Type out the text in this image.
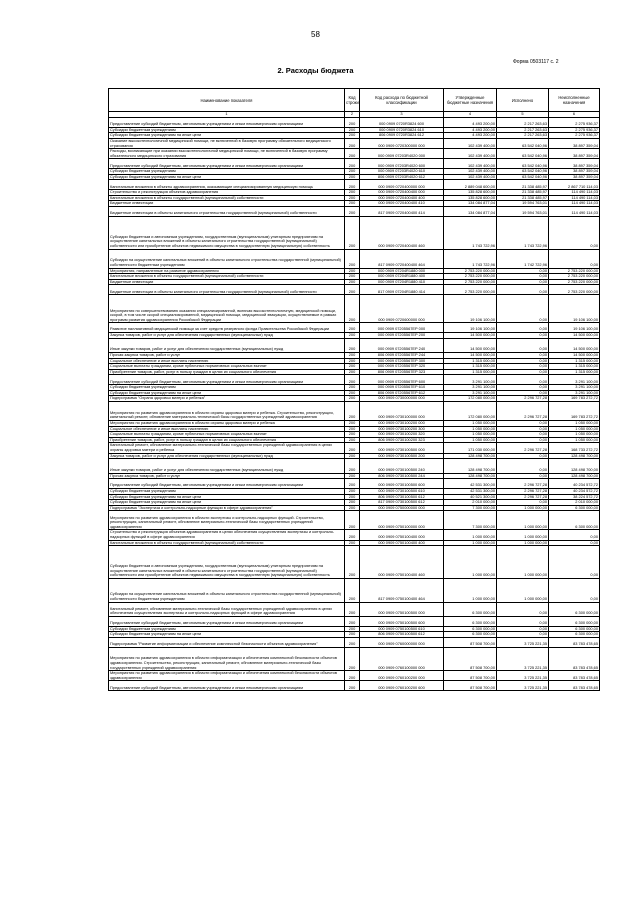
58
Форма 0503117 с. 2
2. Расходы бюджета
Наименование показателя	Код строки	Код расхода по бюджетной классификации	Утвержденные бюджетные назначения	Исполнено	Неисполненные назначения
1	2	3	4	5	6
Предоставление субсидий бюджетным, автономным учреждениям и иным некоммерческим организациям	200	000 0909 0720R3824 600	4 493 200,00	2 217 263,63	2 275 936,37
Субсидии бюджетным учреждениям	200	000 0909 0720R3824 610	4 493 200,00	2 217 263,63	2 275 936,37
Субсидии бюджетным учреждениям на иные цели	200	806 0909 0720R3824 612	4 493 200,00	2 217 263,63	2 275 936,37
Оказание высокотехнологичной медицинской помощи, не включенной в базовую программу обязательного медицинского страхования	200	000 0909 0720300000 000	102 439 400,00	63 542 040,96	38 897 359,04
Расходы, возникающие при оказании высокотехнологичной медицинской помощи, не включенной в базовую программу обязательного медицинского страхования	200	000 0909 07203R4020 000	102 439 400,00	63 542 040,96	38 897 359,04
Предоставление субсидий бюджетным, автономным учреждениям и иным некоммерческим организациям	200	000 0909 07203R4020 600	102 439 400,00	63 542 040,96	38 897 359,04
Субсидии бюджетным учреждениям	200	000 0909 07203R4020 610	102 439 400,00	63 542 040,96	38 897 359,04
Субсидии бюджетным учреждениям на иные цели	200	806 0909 07203R4020 612	102 439 400,00	63 542 040,96	38 897 359,04
Капитальные вложения в объекты здравоохранения, оказывающие специализированную медицинскую помощь	200	000 0909 0720400000 000	2 889 048 600,00	21 338 485,97	2 867 710 114,03
Строительство и реконструкция объектов здравоохранения	200	000 0909 0720400400 000	135 828 600,00	21 338 485,97	114 490 114,03
Капитальные вложения в объекты государственной (муниципальной) собственности	200	000 0909 0720400400 400	135 828 600,00	21 338 485,97	114 490 114,03
Бюджетные инвестиции	200	000 0909 0720400400 410	134 084 877,04	19 594 763,01	114 490 114,03
Бюджетные инвестиции в объекты капитального строительства государственной (муниципальной) собственности	200	817 0909 0720400400 414	134 084 877,04	19 594 763,01	114 490 114,03
Субсидии бюджетным и автономным учреждениям, государственным (муниципальным) унитарным предприятиям на осуществление капитальных вложений в объекты капитального строительства государственной (муниципальной) собственности или приобретение объектов недвижимого имущества в государственную (муниципальную) собственность	200	000 0909 0720400400 460	1 743 722,96	1 743 722,96	0,00
Субсидии на осуществление капитальных вложений в объекты капитального строительства государственной (муниципальной) собственности бюджетным учреждениям	200	817 0909 0720400400 464	1 743 722,96	1 742 722,96	0,00
Мероприятия, направленные на развитие здравоохранения	200	000 0909 07204R1880 000	2 753 220 000,00	0,00	2 753 220 000,00
Капитальные вложения в объекты государственной (муниципальной) собственности	200	000 0909 07204R1880 400	2 753 220 000,00	0,00	2 753 220 000,00
Бюджетные инвестиции	200	000 0909 07204R1880 410	2 753 220 000,00	0,00	2 753 220 000,00
Бюджетные инвестиции в объекты капитального строительства государственной (муниципальной) собственности	200	817 0909 07204R1880 414	2 753 220 000,00	0,00	2 753 220 000,00
Мероприятия по совершенствованию оказания специализированной, включая высокотехнологичную, медицинской помощи, скорой, в том числе скорой специализированной, медицинской помощи, медицинской эвакуации, осуществляемые в рамках программ развития здравоохранения Российской Федерации	200	000 0909 0720600000 000	19 106 100,00	0,00	19 106 100,00
Развитие паллиативной медицинской помощи за счет средств резервного фонда Правительства Российской Федерации	200	000 0909 07205567ЕР 000	19 106 100,00	0,00	19 106 100,00
Закупка товаров, работ и услуг для обеспечения государственных (муниципальных) нужд	200	000 0909 07205567ЕР 200	14 500 000,00	0,00	14 500 000,00
Иные закупки товаров, работ и услуг для обеспечения государственных (муниципальных) нужд	200	000 0909 07205567ЕР 240	14 500 000,00	0,00	14 500 000,00
Прочая закупка товаров, работ и услуг	200	806 0909 07205567ЕР 244	14 500 000,00	0,00	14 500 000,00
Социальное обеспечение и иные выплаты населению	200	000 0909 07205567ЕР 300	1 315 000,00	0,00	1 315 000,00
Социальные выплаты гражданам, кроме публичных нормативных социальных выплат	200	000 0909 07205567ЕР 320	1 315 000,00	0,00	1 315 000,00
Приобретение товаров, работ, услуг в пользу граждан в целях их социального обеспечения	200	806 0909 07205567ЕР 323	1 315 000,00	0,00	1 315 000,00
Предоставление субсидий бюджетным, автономным учреждениям и иным некоммерческим организациям	200	000 0909 07205567ЕР 600	3 291 100,00	0,00	3 291 100,00
Субсидии бюджетным учреждениям	200	000 0909 07205567ЕР 610	3 291 100,00	0,00	3 291 100,00
Субсидии бюджетным учреждениям на иные цели	200	806 0909 07205567ЕР 612	3 291 100,00	0,00	3 291 100,00
Подпрограмма "Охрана здоровья матери и ребенка"	200	000 0909 0730000000 000	172 080 000,00	2 296 727,28	169 783 272,72
Мероприятия по развитию здравоохранения в области охраны здоровья матери и ребенка. Строительство, реконструкция, капитальный ремонт, обновление материально-технической базы государственных учреждений здравоохранения	200	000 0909 0730100000 000	172 080 000,00	2 296 727,28	169 783 272,72
Мероприятия по развитию здравоохранения в области охраны здоровья матери и ребенка	200	000 0909 0730100200 000	1 050 000,00	0,00	1 050 000,00
Социальное обеспечение и иные выплаты населению	200	000 0909 0730100200 300	1 050 000,00	0,00	1 050 000,00
Социальные выплаты гражданам, кроме публичных нормативных социальных выплат	200	000 0909 0730100200 320	1 050 000,00	0,00	1 050 000,00
Приобретение товаров, работ, услуг в пользу граждан в целях их социального обеспечения	200	806 0909 0730100200 323	1 050 000,00	0,00	1 050 000,00
Капитальный ремонт, обновление материально-технической базы государственных учреждений здравоохранения в целях охраны здоровья матери и ребенка	200	000 0909 0730100500 000	171 030 000,00	2 296 727,28	168 733 272,72
Закупка товаров, работ и услуг для обеспечения государственных (муниципальных) нужд	200	000 0909 0730100500 200	128 498 700,00	0,00	128 498 700,00
Иные закупки товаров, работ и услуг для обеспечения государственных (муниципальных) нужд	200	000 0909 0730100500 240	128 498 700,00	0,00	128 498 700,00
Прочая закупка товаров, работ и услуг	200	806 0909 0730100500 244	128 498 700,00	0,00	128 498 700,00
Предоставление субсидий бюджетным, автономным учреждениям и иным некоммерческим организациям	200	000 0909 0730100500 600	42 531 300,00	2 296 727,28	40 234 572,72
Субсидии бюджетным учреждениям	200	000 0909 0730100500 610	42 531 300,00	2 296 727,28	40 234 572,72
Субсидии бюджетным учреждениям на иные цели	200	806 0909 0730100500 612	40 521 300,00	2 296 727,28	38 224 572,72
Субсидии бюджетным учреждениям на иные цели	200	817 0909 0730100500 612	2 010 000,00	0,00	2 010 000,00
Подпрограмма "Экспертиза и контрольно-надзорные функции в сфере здравоохранения"	200	000 0909 0750000000 000	7 300 000,00	1 000 000,00	6 300 000,00
Мероприятия по развитию здравоохранения в области экспертизы и контрольно-надзорных функций. Строительство, реконструкция, капитальный ремонт, обновление материально-технической базы государственных учреждений здравоохранения	200	000 0909 0750100000 000	7 300 000,00	1 000 000,00	6 300 000,00
Строительство и реконструкция объектов здравоохранения в целях обеспечения осуществления экспертизы и контрольно-надзорных функций в сфере здравоохранения	200	000 0909 0750100400 000	1 000 000,00	1 000 000,00	0,00
Капитальные вложения в объекты государственной (муниципальной) собственности	200	000 0909 0750100400 400	1 000 000,00	1 000 000,00	0,00
Субсидии бюджетным и автономным учреждениям, государственным (муниципальным) унитарным предприятиям на осуществление капитальных вложений в объекты капитального строительства государственной (муниципальной) собственности или приобретение объектов недвижимого имущества в государственную (муниципальную) собственность	200	000 0909 0750100400 460	1 000 000,00	1 000 000,00	0,00
Субсидии на осуществление капитальных вложений в объекты капитального строительства государственной (муниципальной) собственности бюджетным учреждениям	200	817 0909 0750100400 464	1 000 000,00	1 000 000,00	0,00
Капитальный ремонт, обновление материально-технической базы государственных учреждений здравоохранения в целях обеспечения осуществления экспертизы и контрольно-надзорных функций в сфере здравоохранения	200	000 0909 0750100500 000	6 300 000,00	0,00	6 300 000,00
Предоставление субсидий бюджетным, автономным учреждениям и иным некоммерческим организациям	200	000 0909 0750100500 600	6 300 000,00	0,00	6 300 000,00
Субсидии бюджетным учреждениям	200	000 0909 0750100500 610	6 300 000,00	0,00	6 300 000,00
Субсидии бюджетным учреждениям на иные цели	200	806 0909 0750100500 612	6 300 000,00	0,00	6 300 000,00
Подпрограмма "Развитие информатизации и обеспечение комплексной безопасности объектов здравоохранения"	200	000 0909 0760000000 000	87 508 700,00	3 725 221,35	83 783 478,65
Мероприятия по развитию здравоохранения в области информатизации и обеспечения комплексной безопасности объектов здравоохранения. Строительство, реконструкция, капитальный ремонт, обновление материально-технической базы государственных учреждений здравоохранения	200	000 0909 0760100000 000	87 508 700,00	3 725 221,35	83 783 478,65
Мероприятия по развитию здравоохранения в области информатизации и обеспечения комплексной безопасности объектов здравоохранения	200	000 0909 0760100200 000	87 508 700,00	3 725 221,35	83 783 478,65
Предоставление субсидий бюджетным, автономным учреждениям и иным некоммерческим организациям	200	000 0909 0760100200 600	87 508 700,00	3 725 221,35	83 783 478,65
